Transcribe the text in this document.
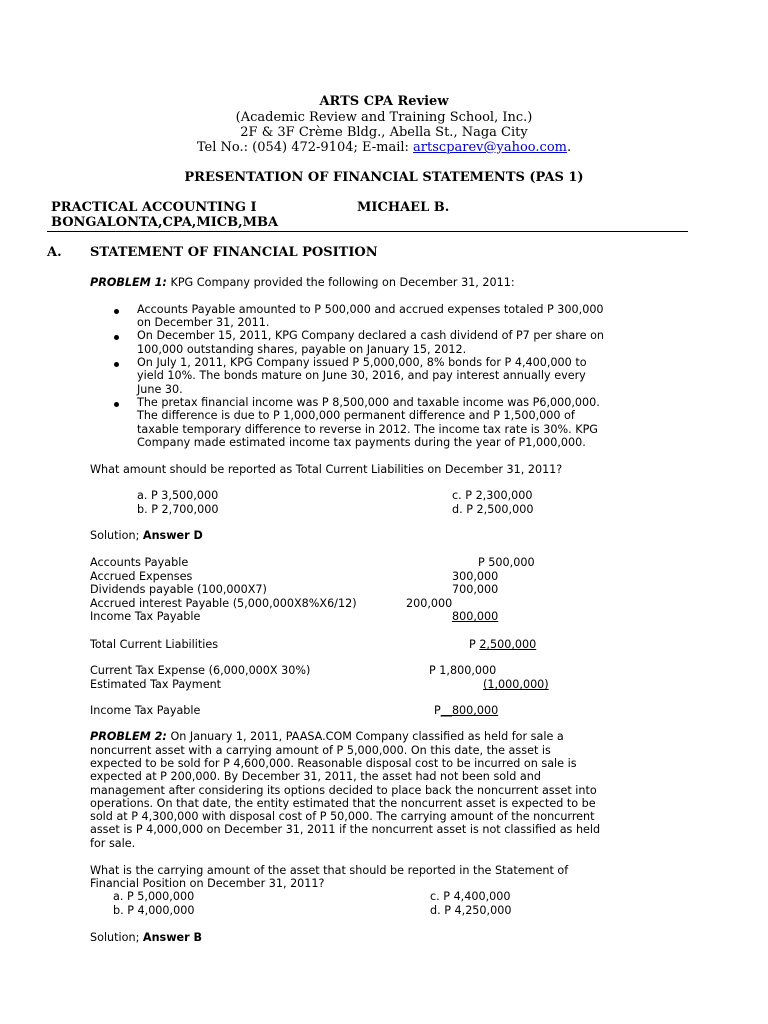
ARTS CPA Review
(Academic Review and Training School, Inc.)
2F & 3F Crème Bldg., Abella St., Naga City
Tel No.: (054) 472-9104; E-mail: artscparev@yahoo.com.
PRESENTATION OF FINANCIAL STATEMENTS (PAS 1)
PRACTICAL ACCOUNTING I	MICHAEL B.
BONGALONTA,CPA,MICB,MBA
A. STATEMENT OF FINANCIAL POSITION
PROBLEM 1: KPG Company provided the following on December 31, 2011:
Accounts Payable amounted to P 500,000 and accrued expenses totaled P 300,000
on December 31, 2011.
On December 15, 2011, KPG Company declared a cash dividend of P7 per share on
100,000 outstanding shares, payable on January 15, 2012.
On July 1, 2011, KPG Company issued P 5,000,000, 8% bonds for P 4,400,000 to
yield 10%. The bonds mature on June 30, 2016, and pay interest annually every
June 30.
The pretax financial income was P 8,500,000 and taxable income was P6,000,000.
The difference is due to P 1,000,000 permanent difference and P 1,500,000 of
taxable temporary difference to reverse in 2012. The income tax rate is 30%. KPG
Company made estimated income tax payments during the year of P1,000,000.
What amount should be reported as Total Current Liabilities on December 31, 2011?
a. P 3,500,000
b. P 2,700,000
c. P 2,300,000
d. P 2,500,000
Solution; Answer D
Accounts Payable	P 500,000
Accrued Expenses	300,000
Dividends payable (100,000X7)	700,000
Accrued interest Payable (5,000,000X8%X6/12)	200,000
Income Tax Payable	800,000
Total Current Liabilities	P 2,500,000
Current Tax Expense (6,000,000X 30%)	P 1,800,000
Estimated Tax Payment	(1,000,000)
Income Tax Payable	P__800,000
PROBLEM 2: On January 1, 2011, PAASA.COM Company classified as held for sale a
noncurrent asset with a carrying amount of P 5,000,000. On this date, the asset is
expected to be sold for P 4,600,000. Reasonable disposal cost to be incurred on sale is
expected at P 200,000. By December 31, 2011, the asset had not been sold and
management after considering its options decided to place back the noncurrent asset into
operations. On that date, the entity estimated that the noncurrent asset is expected to be
sold at P 4,300,000 with disposal cost of P 50,000. The carrying amount of the noncurrent
asset is P 4,000,000 on December 31, 2011 if the noncurrent asset is not classified as held
for sale.
What is the carrying amount of the asset that should be reported in the Statement of
Financial Position on December 31, 2011?
a. P 5,000,000
b. P 4,000,000
c. P 4,400,000
d. P 4,250,000
Solution; Answer B
